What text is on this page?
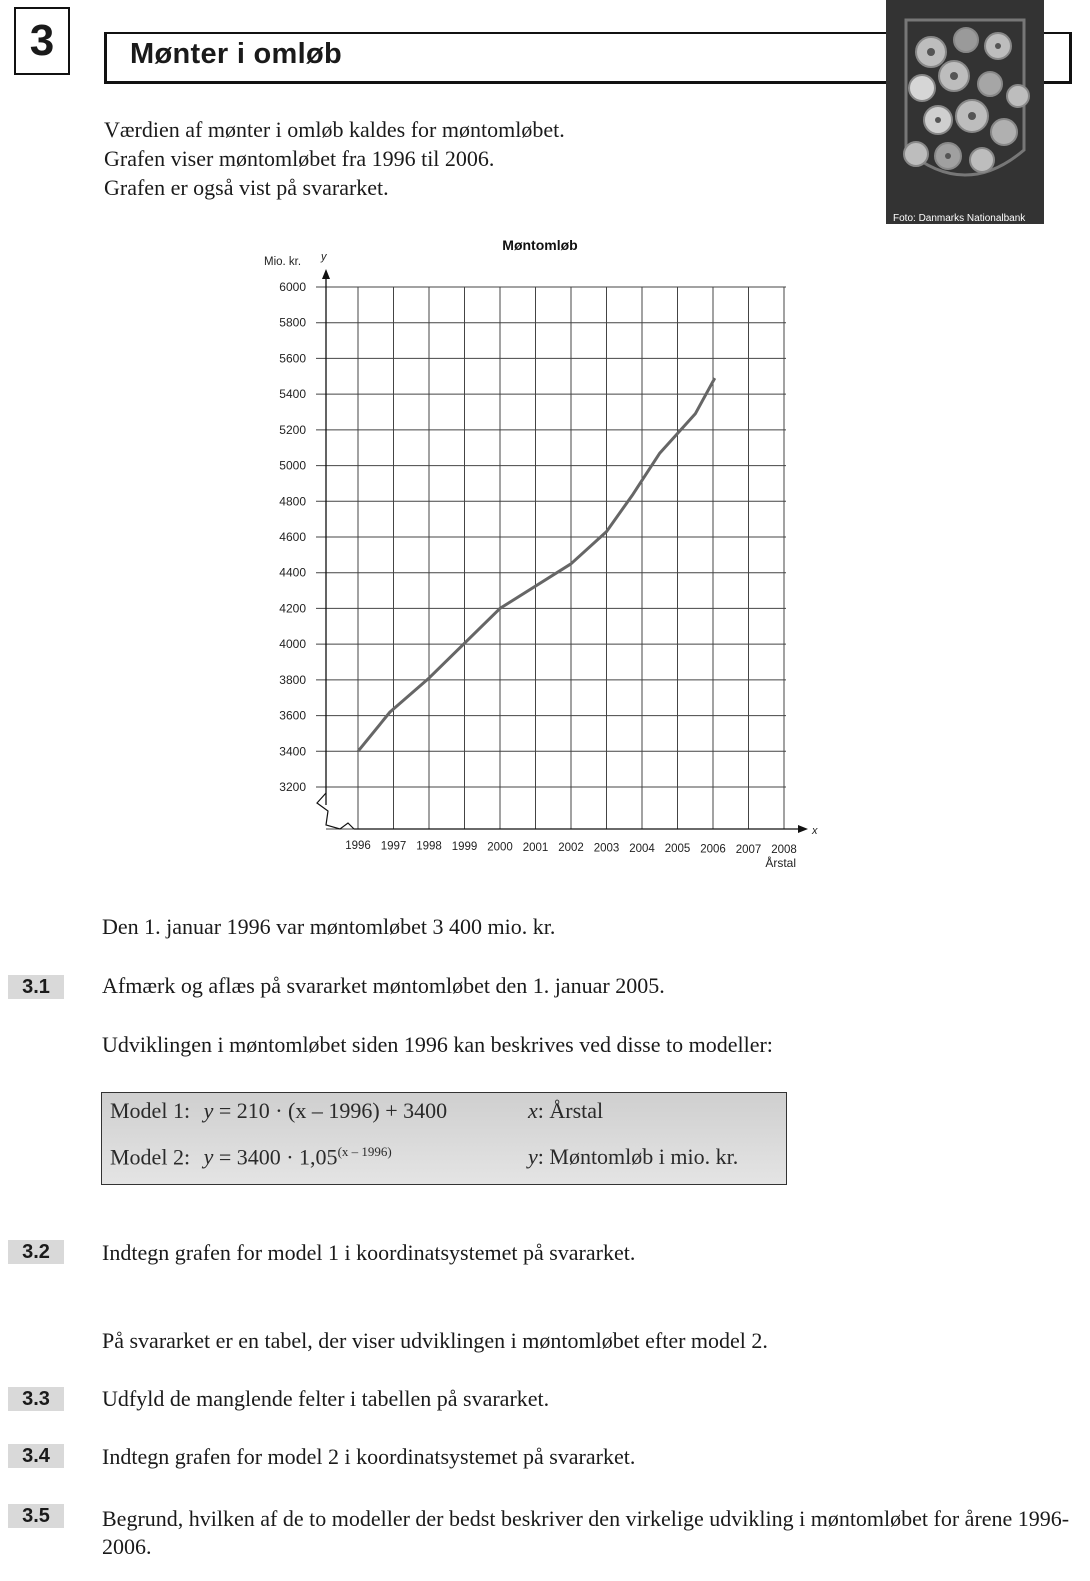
3	Mønter i omløb
Foto: Danmarks Nationalbank
Værdien af mønter i omløb kaldes for møntomløbet.
Grafen viser møntomløbet fra 1996 til 2006.
Grafen er også vist på svararket.
3200
3400
3600
3800
4000
4200
4400
4600
4800
5000
5200
5400
5600
5800
6000
1996 1997 1998 1999 2000 2001 2002 2003 2004 2005 2006 2007 2008
Mio. kr. y
x
Årstal
Møntomløb
Den 1. januar 1996 var møntomløbet 3 400 mio. kr.
3.1	Afmærk og aflæs på svararket møntomløbet den 1. januar 2005.
Udviklingen i møntomløbet siden 1996 kan beskrives ved disse to modeller:
Model 1: y = 210 · (x – 1996) + 3400	x: Årstal
Model 2: $y = 3400 \cdot 1,05^{(x - 1996)}$	y: Møntomløb i mio. kr.
3.2	Indtegn grafen for model 1 i koordinatsystemet på svararket.
På svararket er en tabel, der viser udviklingen i møntomløbet efter model 2.
3.3	Udfyld de manglende felter i tabellen på svararket.
3.4	Indtegn grafen for model 2 i koordinatsystemet på svararket.
3.5	Begrund, hvilken af de to modeller der bedst beskriver den virkelige udvikling i møntomløbet for årene 1996-2006.
